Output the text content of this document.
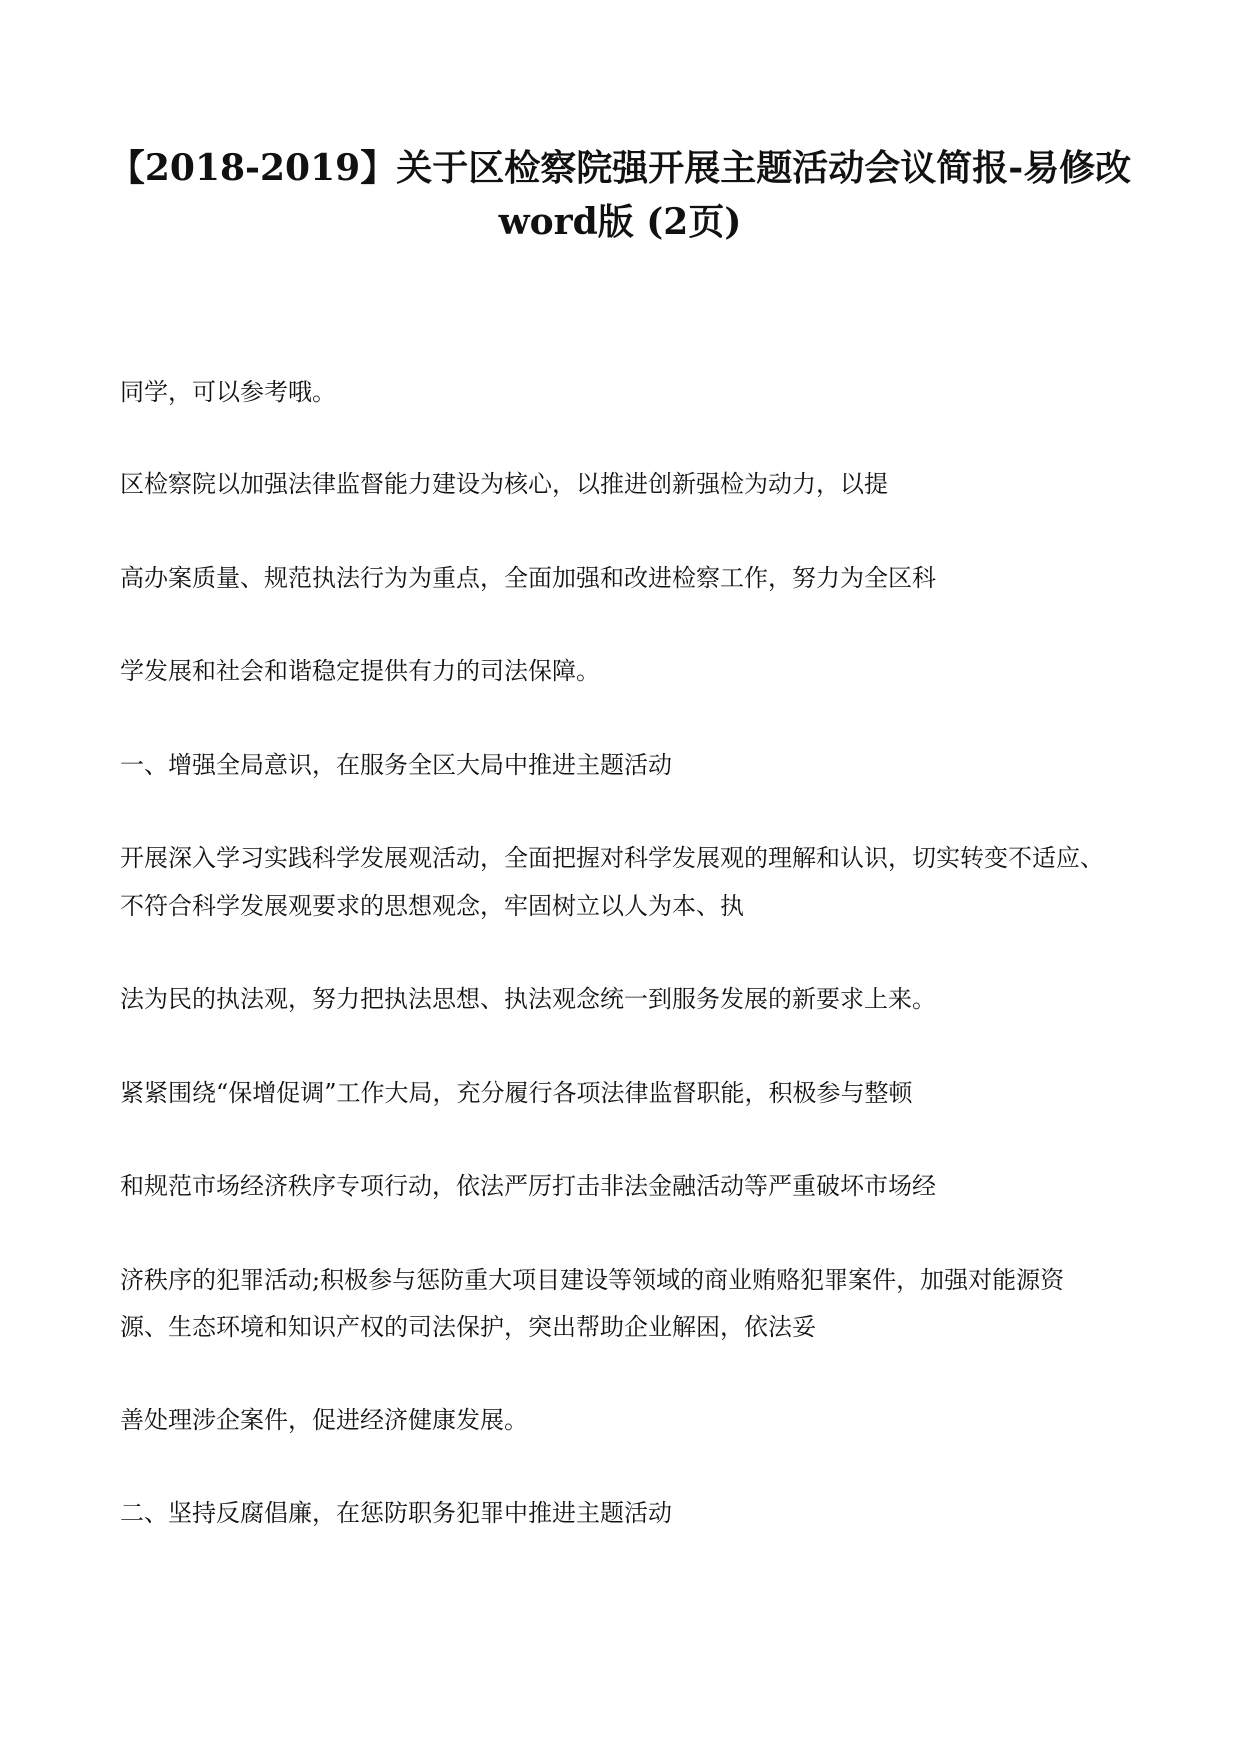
【2018-2019】关于区检察院强开展主题活动会议简报-易修改
word版 (2页)
同学，可以参考哦。
区检察院以加强法律监督能力建设为核心，以推进创新强检为动力，以提
高办案质量、规范执法行为为重点，全面加强和改进检察工作，努力为全区科
学发展和社会和谐稳定提供有力的司法保障。
一、增强全局意识，在服务全区大局中推进主题活动
开展深入学习实践科学发展观活动，全面把握对科学发展观的理解和认识，切实转变不适应、
不符合科学发展观要求的思想观念，牢固树立以人为本、执
法为民的执法观，努力把执法思想、执法观念统一到服务发展的新要求上来。
紧紧围绕“保增促调”工作大局，充分履行各项法律监督职能，积极参与整顿
和规范市场经济秩序专项行动，依法严厉打击非法金融活动等严重破坏市场经
济秩序的犯罪活动;积极参与惩防重大项目建设等领域的商业贿赂犯罪案件，加强对能源资
源、生态环境和知识产权的司法保护，突出帮助企业解困，依法妥
善处理涉企案件，促进经济健康发展。
二、坚持反腐倡廉，在惩防职务犯罪中推进主题活动
